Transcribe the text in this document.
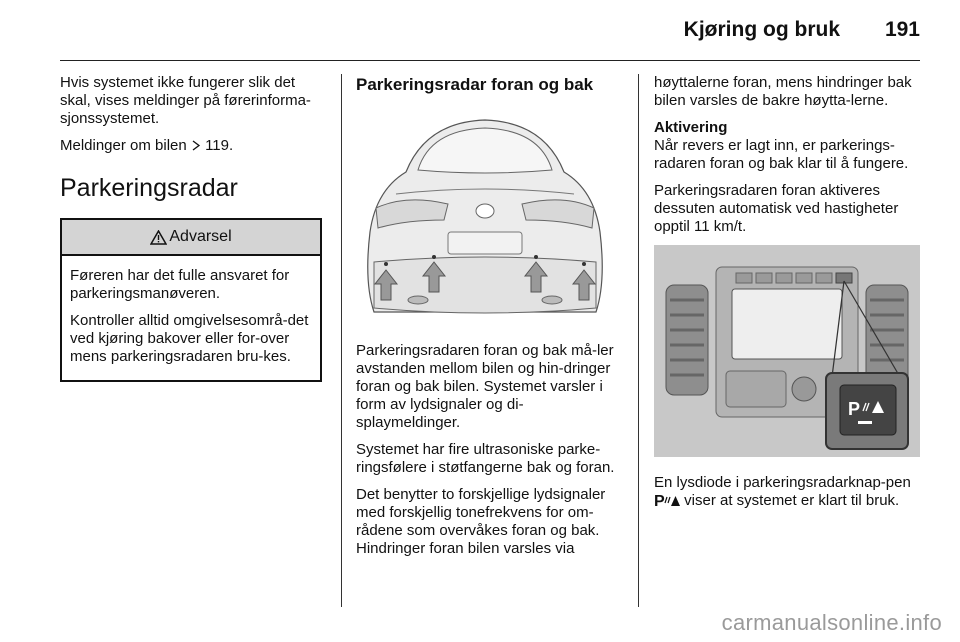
Kjøring og bruk 191

Hvis systemet ikke fungerer slik det skal, vises meldinger på førerinforma-sjonssystemet.

Meldinger om bilen  119.

Parkeringsradar
Advarsel

Føreren har det fulle ansvaret for parkeringsmanøveren.

Kontroller alltid omgivelsesområ-det ved kjøring bakover eller for-over mens parkeringsradaren bru-kes.

Parkeringsradar foran og bak

Parkeringsradaren foran og bak må-ler avstanden mellom bilen og hin-dringer foran og bak bilen. Systemet varsler i form av lydsignaler og di-splaymeldinger.

Systemet har fire ultrasoniske parke-ringsfølere i støtfangerne bak og foran.

Det benytter to forskjellige lydsignaler med forskjellig tonefrekvens for om-rådene som overvåkes foran og bak. Hindringer foran bilen varsles via

høyttalerne foran, mens hindringer bak bilen varsles de bakre høytta-lerne.

Aktivering

Når revers er lagt inn, er parkerings-radaren foran og bak klar til å fungere.

Parkeringsradaren foran aktiveres dessuten automatisk ved hastigheter opptil 11 km/t.

P

En lysdiode i parkeringsradarknap-pen
P viser at systemet er klart til bruk.

carmanualsonline.info
